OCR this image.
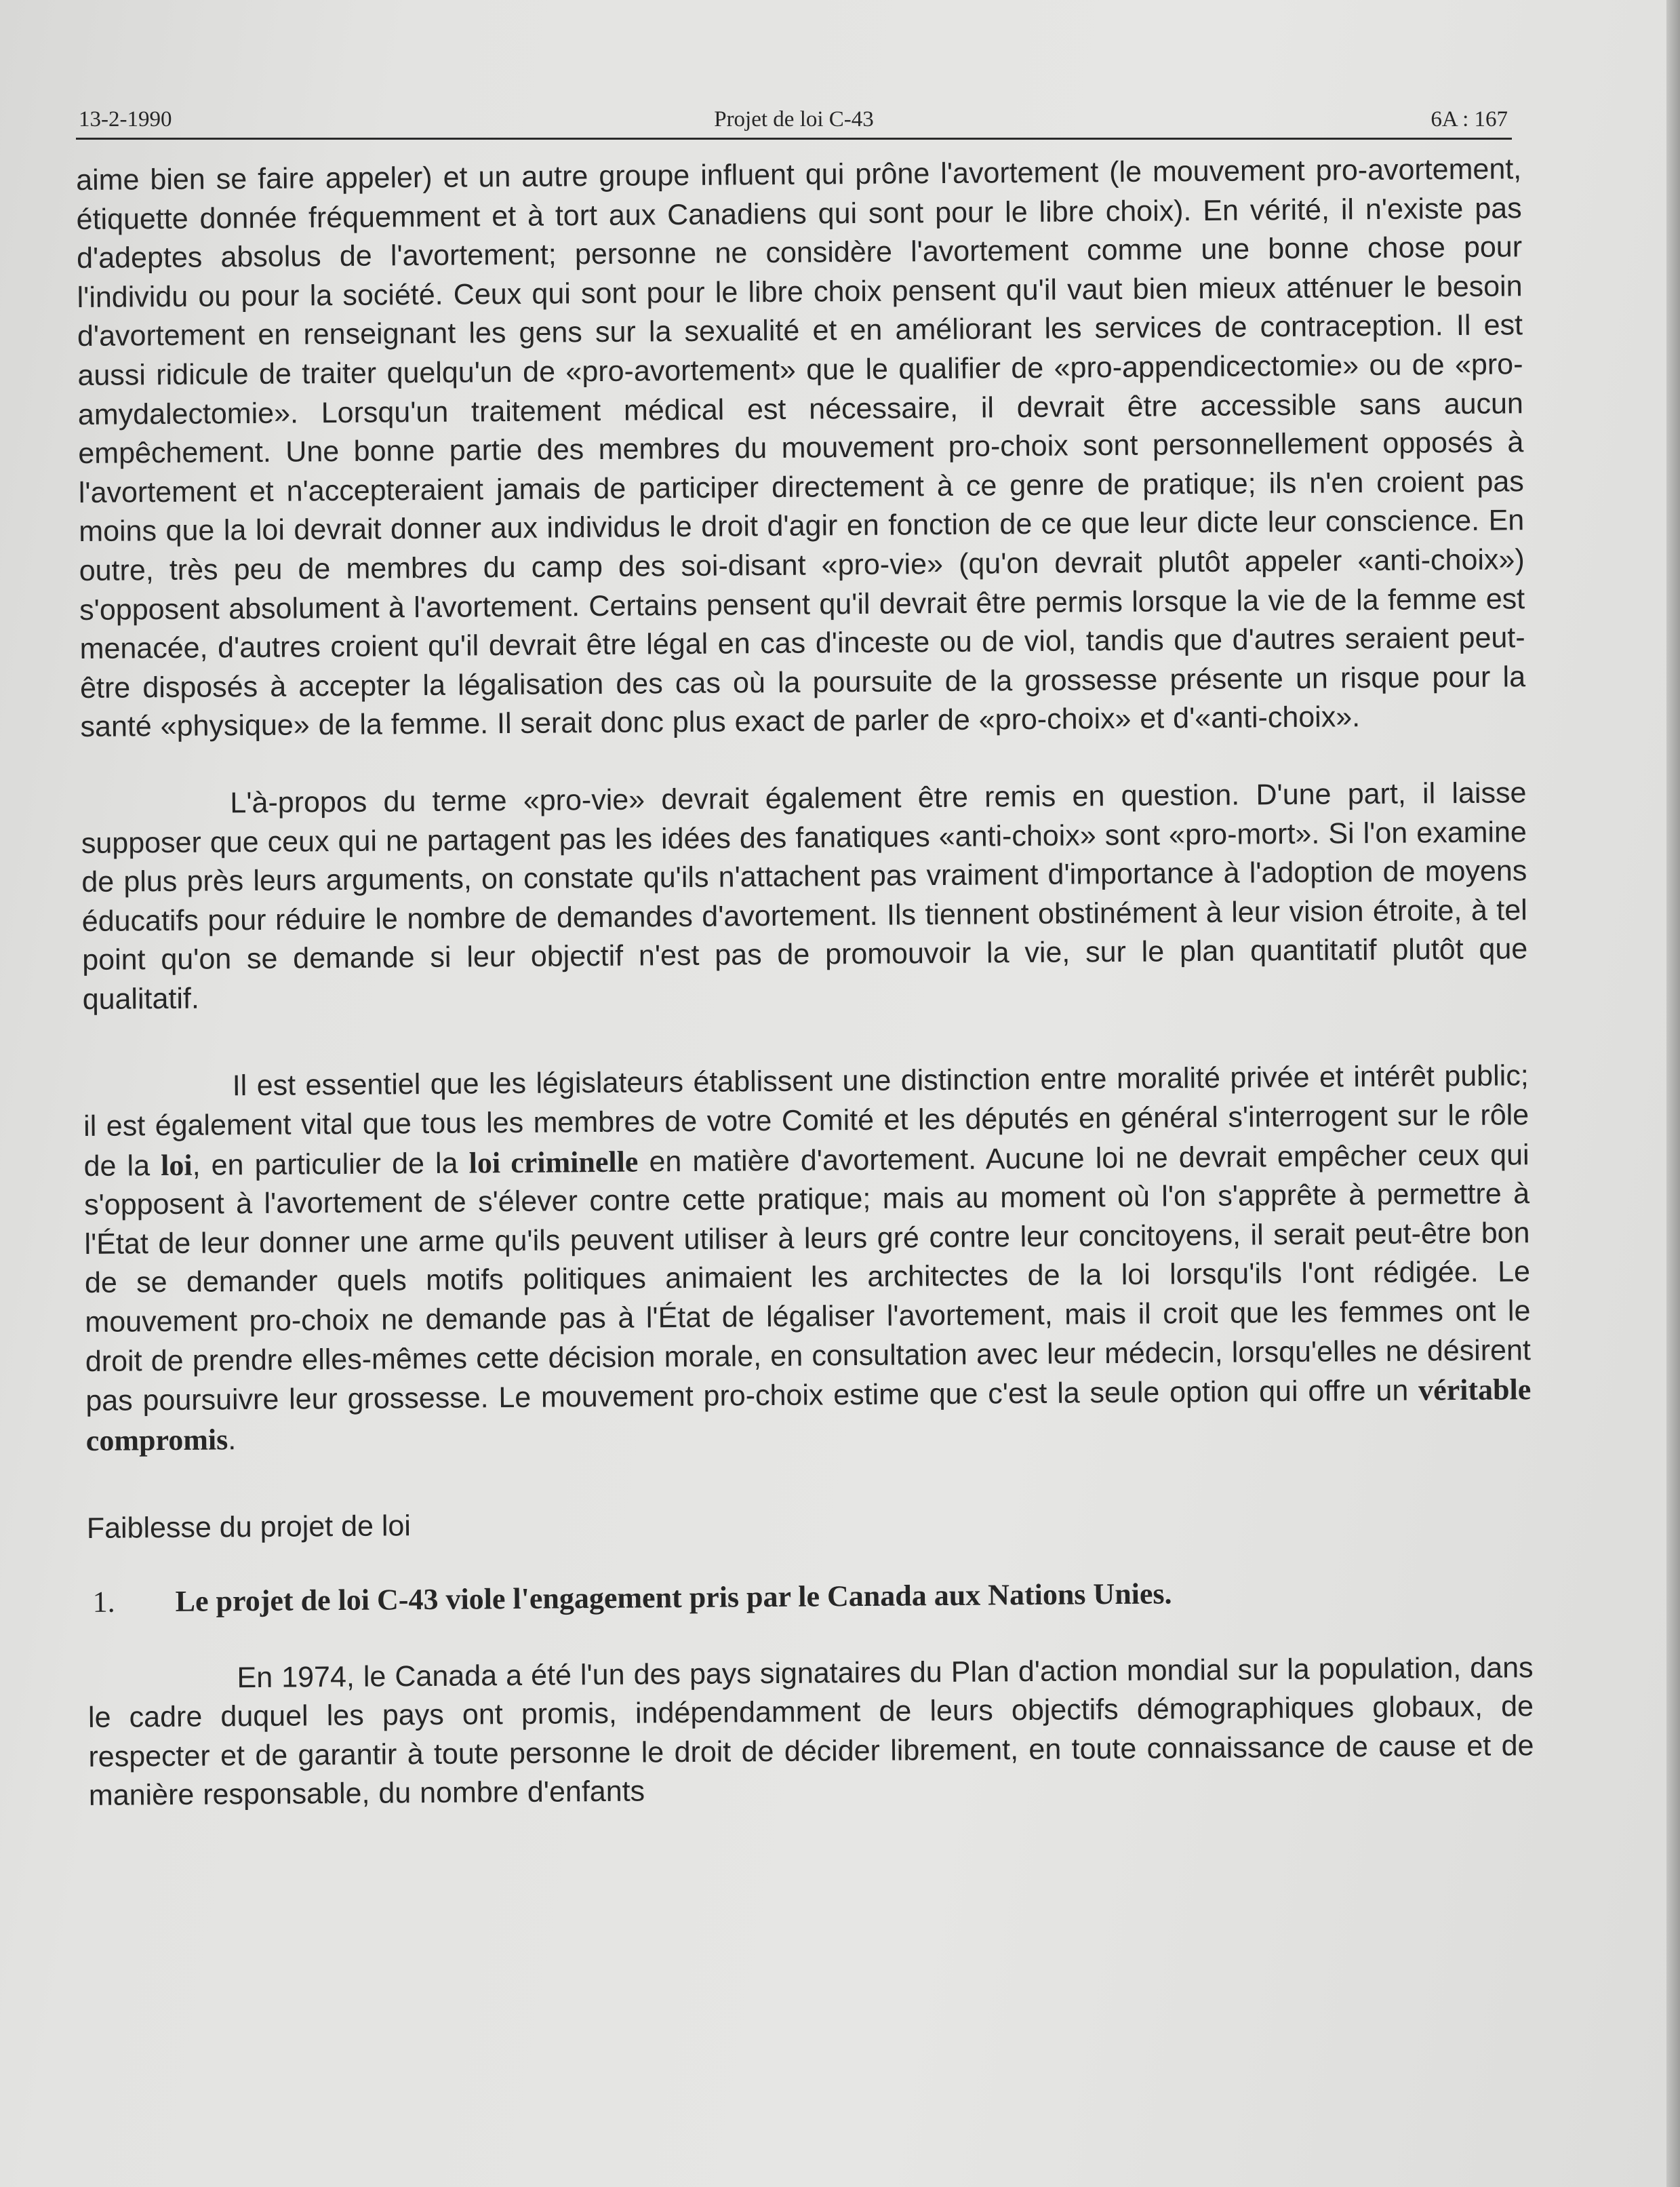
13-2-1990	Projet de loi C-43	6A : 167

aime bien se faire appeler) et un autre groupe influent qui prône l'avortement (le mouvement pro-avortement, étiquette donnée fréquemment et à tort aux Canadiens qui sont pour le libre choix). En vérité, il n'existe pas d'adeptes absolus de l'avortement; personne ne considère l'avortement comme une bonne chose pour l'individu ou pour la société. Ceux qui sont pour le libre choix pensent qu'il vaut bien mieux atténuer le besoin d'avortement en renseignant les gens sur la sexualité et en améliorant les services de contraception. Il est aussi ridicule de traiter quelqu'un de «pro-avortement» que le qualifier de «pro-appendicectomie» ou de «pro-amydalectomie». Lorsqu'un traitement médical est nécessaire, il devrait être accessible sans aucun empêchement. Une bonne partie des membres du mouvement pro-choix sont personnellement opposés à l'avortement et n'accepteraient jamais de participer directement à ce genre de pratique; ils n'en croient pas moins que la loi devrait donner aux individus le droit d'agir en fonction de ce que leur dicte leur conscience. En outre, très peu de membres du camp des soi-disant «pro-vie» (qu'on devrait plutôt appeler «anti-choix») s'opposent absolument à l'avortement. Certains pensent qu'il devrait être permis lorsque la vie de la femme est menacée, d'autres croient qu'il devrait être légal en cas d'inceste ou de viol, tandis que d'autres seraient peut-être disposés à accepter la légalisation des cas où la poursuite de la grossesse présente un risque pour la santé «physique» de la femme. Il serait donc plus exact de parler de «pro-choix» et d'«anti-choix».

L'à-propos du terme «pro-vie» devrait également être remis en question. D'une part, il laisse supposer que ceux qui ne partagent pas les idées des fanatiques «anti-choix» sont «pro-mort». Si l'on examine de plus près leurs arguments, on constate qu'ils n'attachent pas vraiment d'importance à l'adoption de moyens éducatifs pour réduire le nombre de demandes d'avortement. Ils tiennent obstinément à leur vision étroite, à tel point qu'on se demande si leur objectif n'est pas de promouvoir la vie, sur le plan quantitatif plutôt que qualitatif.

Il est essentiel que les législateurs établissent une distinction entre moralité privée et intérêt public; il est également vital que tous les membres de votre Comité et les députés en général s'interrogent sur le rôle de la loi, en particulier de la loi criminelle en matière d'avortement. Aucune loi ne devrait empêcher ceux qui s'opposent à l'avortement de s'élever contre cette pratique; mais au moment où l'on s'apprête à permettre à l'État de leur donner une arme qu'ils peuvent utiliser à leurs gré contre leur concitoyens, il serait peut-être bon de se demander quels motifs politiques animaient les architectes de la loi lorsqu'ils l'ont rédigée. Le mouvement pro-choix ne demande pas à l'État de légaliser l'avortement, mais il croit que les femmes ont le droit de prendre elles-mêmes cette décision morale, en consultation avec leur médecin, lorsqu'elles ne désirent pas poursuivre leur grossesse. Le mouvement pro-choix estime que c'est la seule option qui offre un véritable compromis.

Faiblesse du projet de loi

1. Le projet de loi C-43 viole l'engagement pris par le Canada aux Nations Unies.

En 1974, le Canada a été l'un des pays signataires du Plan d'action mondial sur la population, dans le cadre duquel les pays ont promis, indépendamment de leurs objectifs démographiques globaux, de respecter et de garantir à toute personne le droit de décider librement, en toute connaissance de cause et de manière responsable, du nombre d'enfants
